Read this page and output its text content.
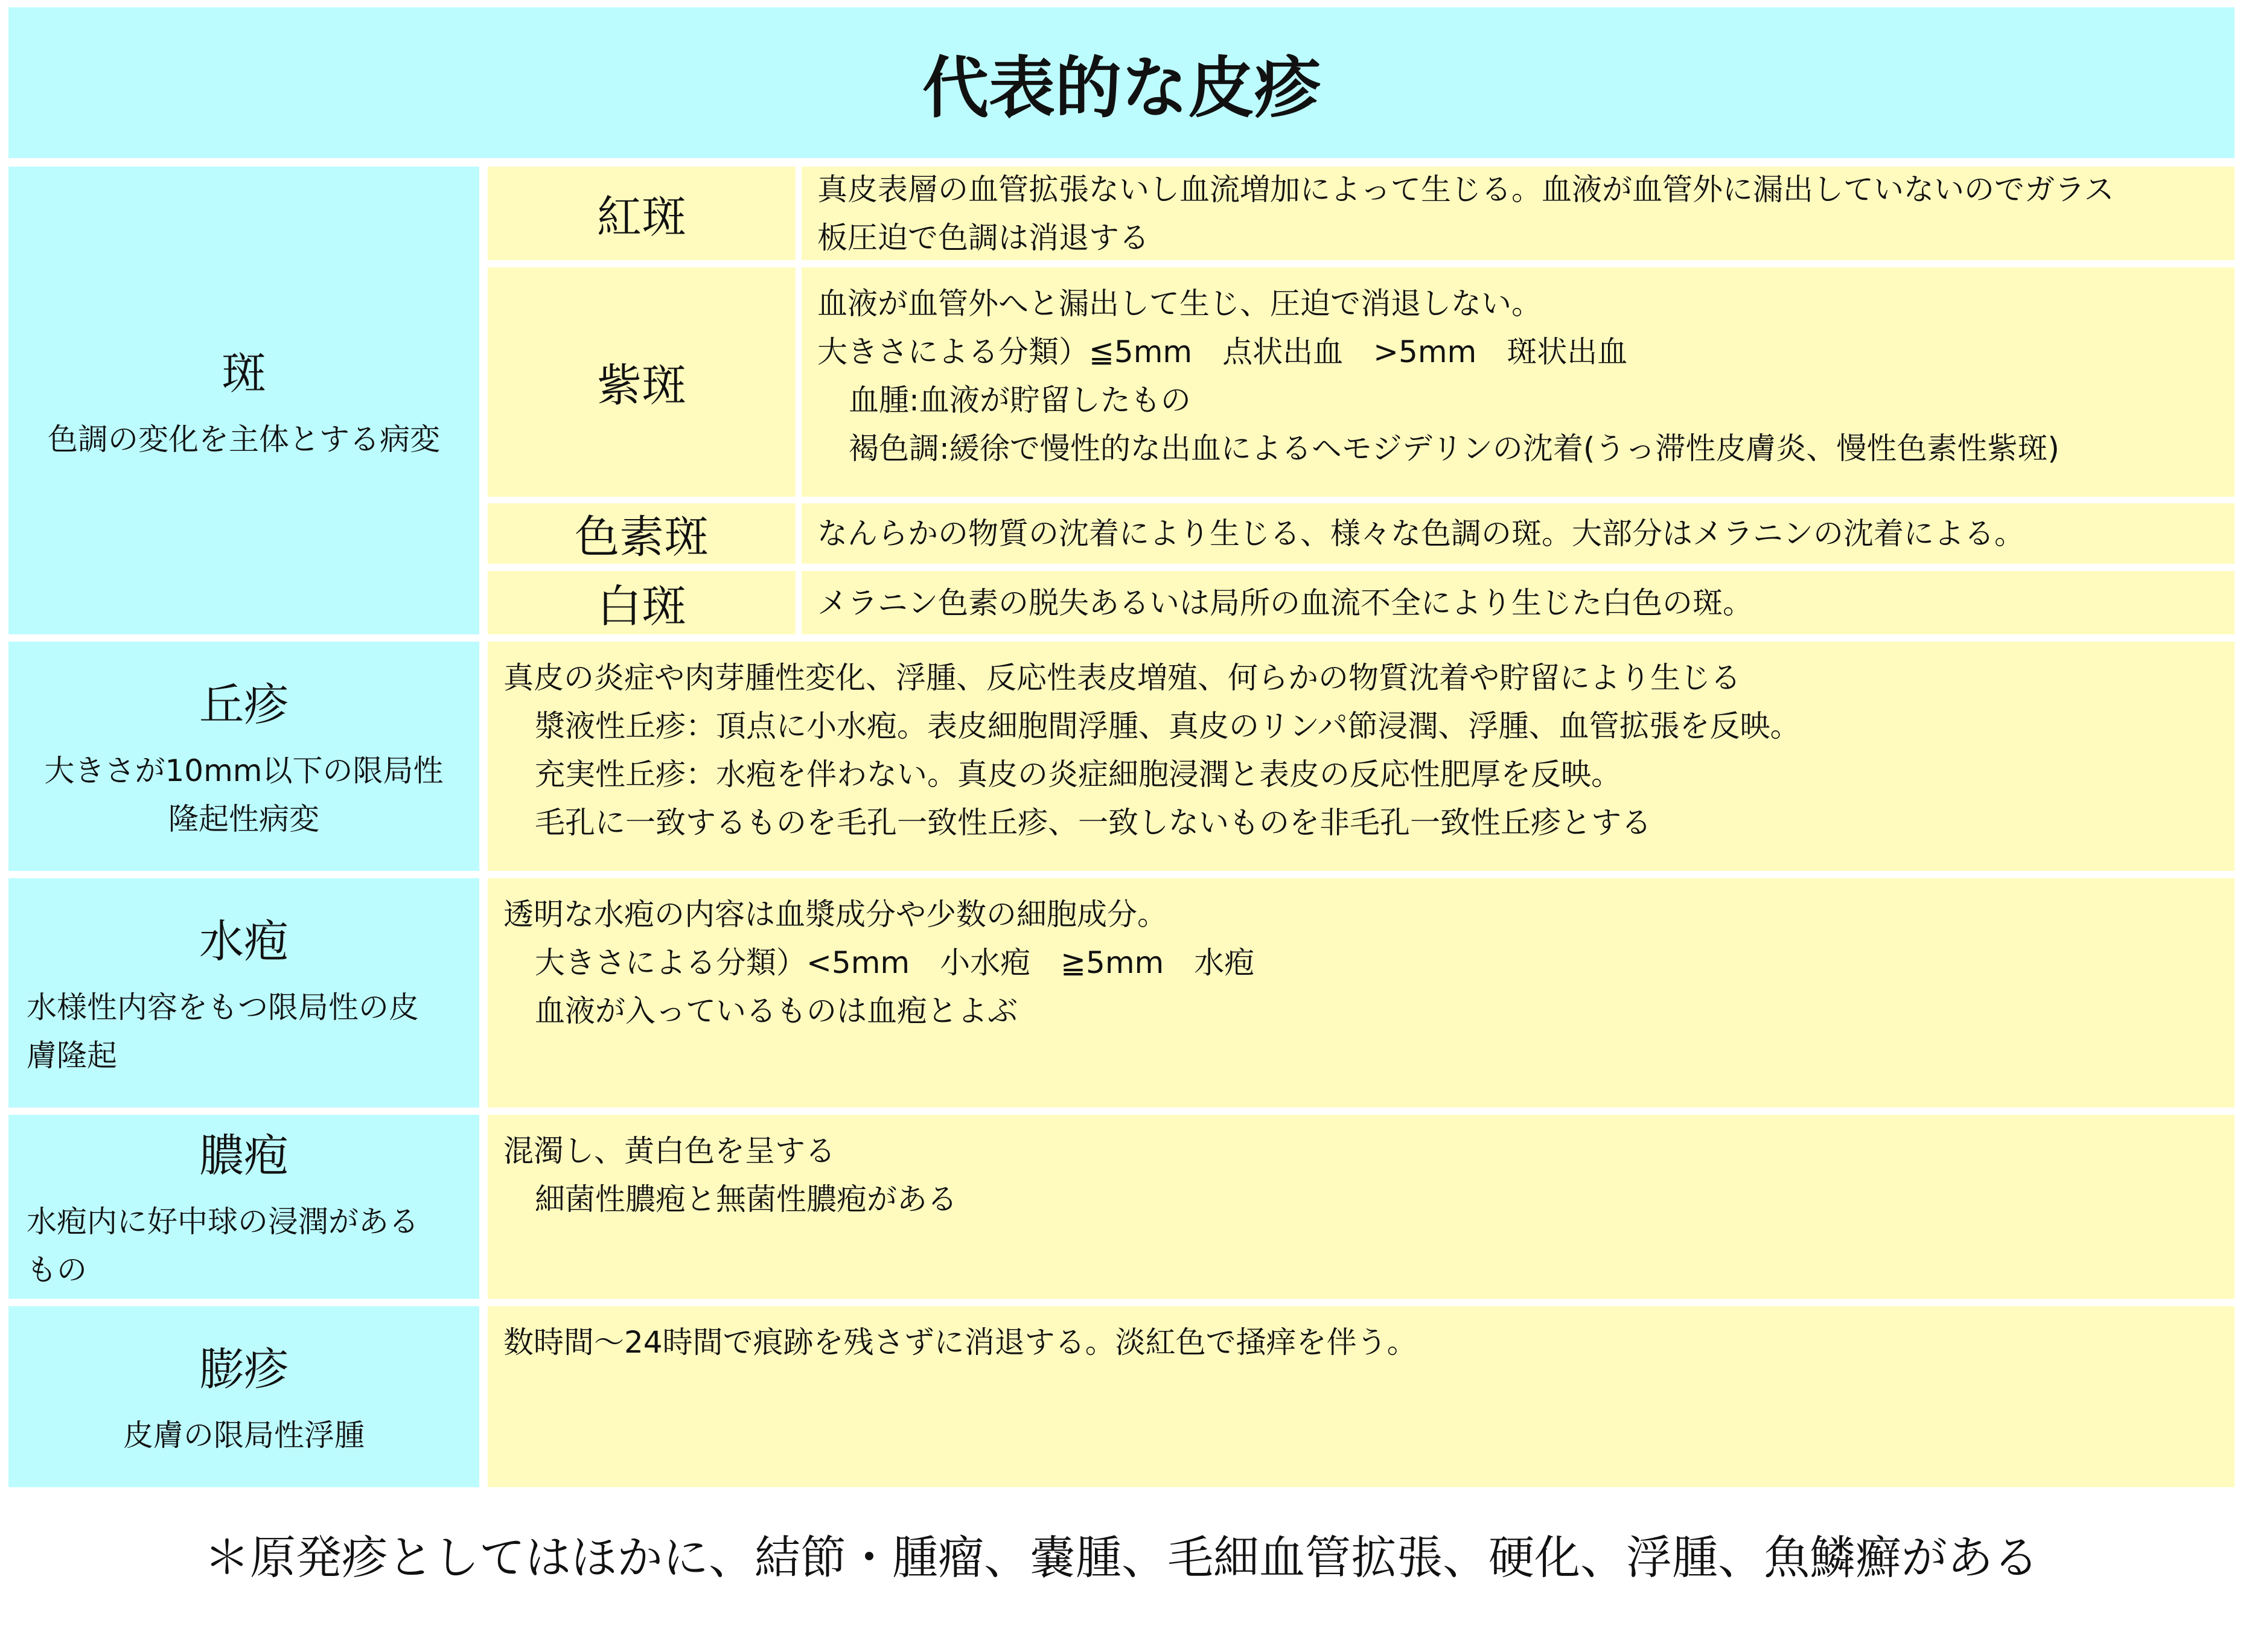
代表的な皮疹
斑
色調の変化を主体とする病変
紅斑
真皮表層の血管拡張ないし血流増加によって生じる。血液が血管外に漏出していないのでガラス
板圧迫で色調は消退する
紫斑
血液が血管外へと漏出して生じ、圧迫で消退しない。
大きさによる分類）≦5mm　点状出血　>5mm　斑状出血
血腫:血液が貯留したもの
褐色調:緩徐で慢性的な出血によるヘモジデリンの沈着(うっ滞性皮膚炎、慢性色素性紫斑)
色素斑	なんらかの物質の沈着により生じる、様々な色調の斑。大部分はメラニンの沈着による。
白斑	メラニン色素の脱失あるいは局所の血流不全により生じた白色の斑。
丘疹
大きさが10mm以下の限局性
隆起性病変
真皮の炎症や肉芽腫性変化、浮腫、反応性表皮増殖、何らかの物質沈着や貯留により生じる
漿液性丘疹：頂点に小水疱。表皮細胞間浮腫、真皮のリンパ節浸潤、浮腫、血管拡張を反映。
充実性丘疹：水疱を伴わない。真皮の炎症細胞浸潤と表皮の反応性肥厚を反映。
毛孔に一致するものを毛孔一致性丘疹、一致しないものを非毛孔一致性丘疹とする
水疱
水様性内容をもつ限局性の皮
膚隆起
透明な水疱の内容は血漿成分や少数の細胞成分。
大きさによる分類）<5mm　小水疱　≧5mm　水疱
血液が入っているものは血疱とよぶ
膿疱
水疱内に好中球の浸潤がある
もの
混濁し、黄白色を呈する
細菌性膿疱と無菌性膿疱がある
膨疹
皮膚の限局性浮腫
数時間〜24時間で痕跡を残さずに消退する。淡紅色で掻痒を伴う。
＊原発疹としてはほかに、結節・腫瘤、嚢腫、毛細血管拡張、硬化、浮腫、魚鱗癬がある
